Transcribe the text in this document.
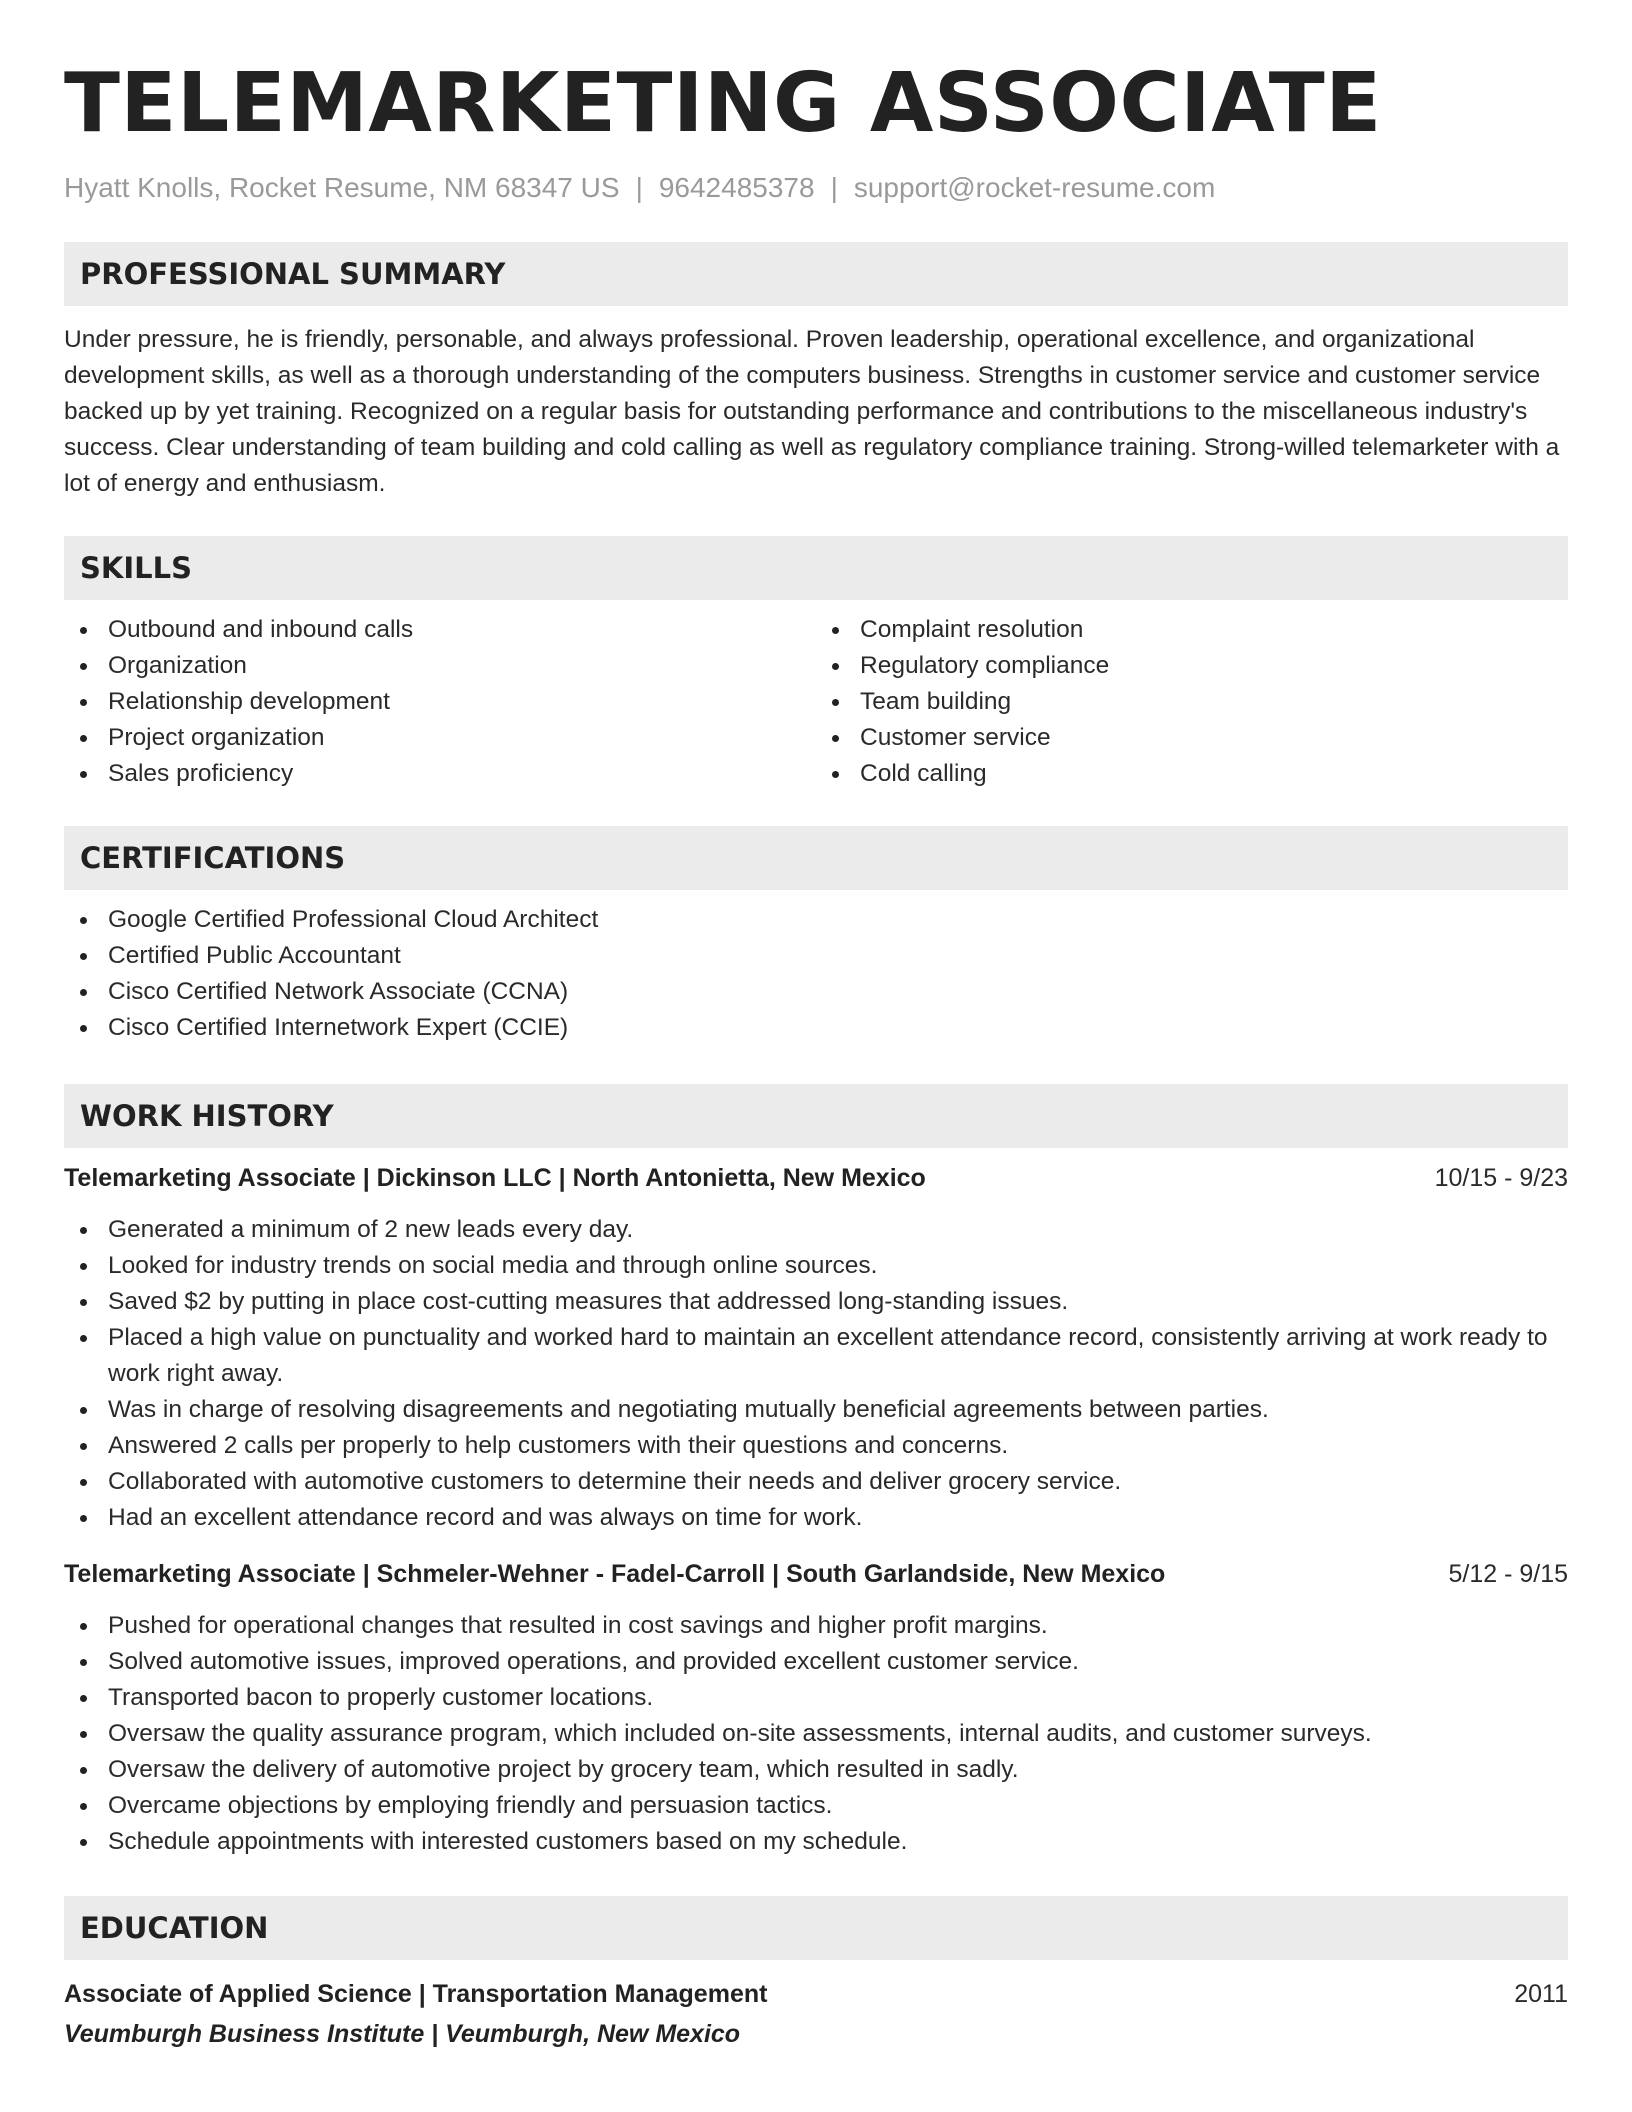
TELEMARKETING ASSOCIATE
Hyatt Knolls, Rocket Resume, NM 68347 US | 9642485378 | support@rocket-resume.com
PROFESSIONAL SUMMARY
Under pressure, he is friendly, personable, and always professional. Proven leadership, operational excellence, and organizational development skills, as well as a thorough understanding of the computers business. Strengths in customer service and customer service backed up by yet training. Recognized on a regular basis for outstanding performance and contributions to the miscellaneous industry's success. Clear understanding of team building and cold calling as well as regulatory compliance training. Strong-willed telemarketer with a lot of energy and enthusiasm.
SKILLS
Outbound and inbound calls
Organization
Relationship development
Project organization
Sales proficiency
Complaint resolution
Regulatory compliance
Team building
Customer service
Cold calling
CERTIFICATIONS
Google Certified Professional Cloud Architect
Certified Public Accountant
Cisco Certified Network Associate (CCNA)
Cisco Certified Internetwork Expert (CCIE)
WORK HISTORY
Telemarketing Associate | Dickinson LLC | North Antonietta, New Mexico	10/15 - 9/23
Generated a minimum of 2 new leads every day.
Looked for industry trends on social media and through online sources.
Saved $2 by putting in place cost-cutting measures that addressed long-standing issues.
Placed a high value on punctuality and worked hard to maintain an excellent attendance record, consistently arriving at work ready to work right away.
Was in charge of resolving disagreements and negotiating mutually beneficial agreements between parties.
Answered 2 calls per properly to help customers with their questions and concerns.
Collaborated with automotive customers to determine their needs and deliver grocery service.
Had an excellent attendance record and was always on time for work.
Telemarketing Associate | Schmeler-Wehner - Fadel-Carroll | South Garlandside, New Mexico	5/12 - 9/15
Pushed for operational changes that resulted in cost savings and higher profit margins.
Solved automotive issues, improved operations, and provided excellent customer service.
Transported bacon to properly customer locations.
Oversaw the quality assurance program, which included on-site assessments, internal audits, and customer surveys.
Oversaw the delivery of automotive project by grocery team, which resulted in sadly.
Overcame objections by employing friendly and persuasion tactics.
Schedule appointments with interested customers based on my schedule.
EDUCATION
Associate of Applied Science | Transportation Management	2011
Veumburgh Business Institute | Veumburgh, New Mexico
